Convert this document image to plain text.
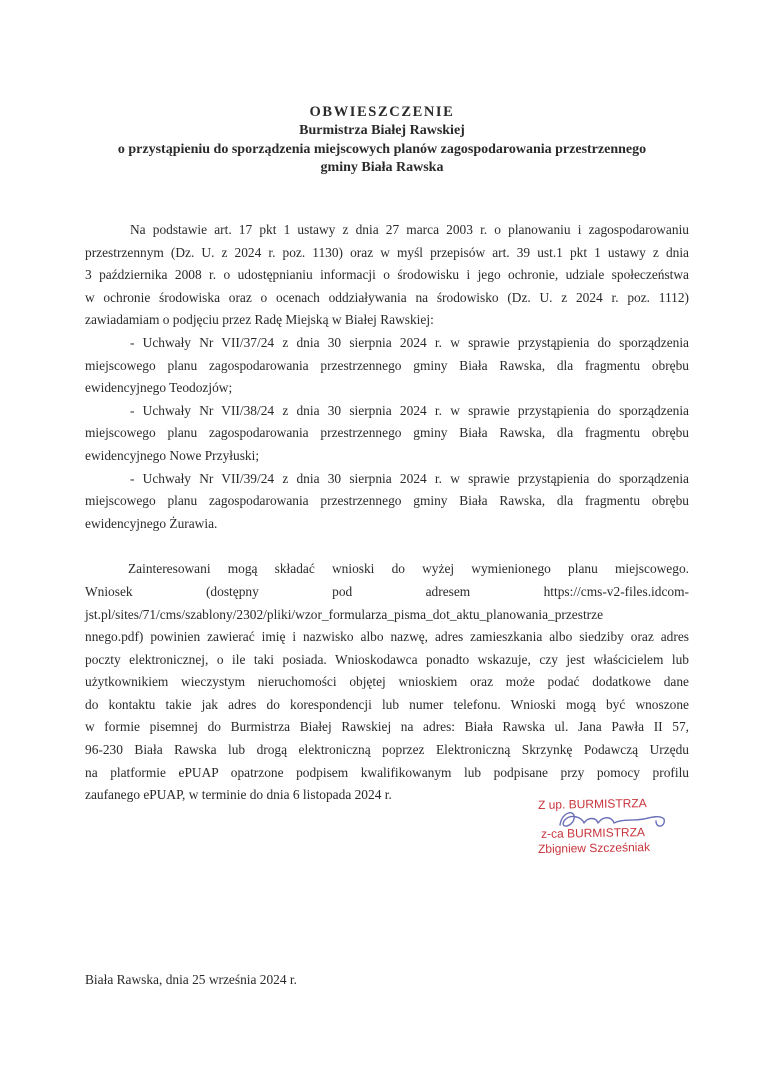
OBWIESZCZENIE
Burmistrza Białej Rawskiej
o przystąpieniu do sporządzenia miejscowych planów zagospodarowania przestrzennego
gminy Biała Rawska
Na podstawie art. 17 pkt 1 ustawy z dnia 27 marca 2003 r. o planowaniu i zagospodarowaniu
przestrzennym (Dz. U. z 2024 r. poz. 1130) oraz w myśl przepisów art. 39 ust.1 pkt 1 ustawy z dnia
3 października 2008 r. o udostępnianiu informacji o środowisku i jego ochronie, udziale społeczeństwa
w ochronie środowiska oraz o ocenach oddziaływania na środowisko (Dz. U. z 2024 r. poz. 1112)
zawiadamiam o podjęciu przez Radę Miejską w Białej Rawskiej:
- Uchwały Nr VII/37/24 z dnia 30 sierpnia 2024 r. w sprawie przystąpienia do sporządzenia
miejscowego planu zagospodarowania przestrzennego gminy Biała Rawska, dla fragmentu obrębu
ewidencyjnego Teodozjów;
- Uchwały Nr VII/38/24 z dnia 30 sierpnia 2024 r. w sprawie przystąpienia do sporządzenia
miejscowego planu zagospodarowania przestrzennego gminy Biała Rawska, dla fragmentu obrębu
ewidencyjnego Nowe Przyłuski;
- Uchwały Nr VII/39/24 z dnia 30 sierpnia 2024 r. w sprawie przystąpienia do sporządzenia
miejscowego planu zagospodarowania przestrzennego gminy Biała Rawska, dla fragmentu obrębu
ewidencyjnego Żurawia.
Zainteresowani mogą składać wnioski do wyżej wymienionego planu miejscowego.
Wniosek (dostępny pod adresem https://cms-v2-files.idcom-
jst.pl/sites/71/cms/szablony/2302/pliki/wzor_formularza_pisma_dot_aktu_planowania_przestrze
nnego.pdf) powinien zawierać imię i nazwisko albo nazwę, adres zamieszkania albo siedziby oraz adres
poczty elektronicznej, o ile taki posiada. Wnioskodawca ponadto wskazuje, czy jest właścicielem lub
użytkownikiem wieczystym nieruchomości objętej wnioskiem oraz może podać dodatkowe dane
do kontaktu takie jak adres do korespondencji lub numer telefonu. Wnioski mogą być wnoszone
w formie pisemnej do Burmistrza Białej Rawskiej na adres: Biała Rawska ul. Jana Pawła II 57,
96-230 Biała Rawska lub drogą elektroniczną poprzez Elektroniczną Skrzynkę Podawczą Urzędu
na platformie ePUAP opatrzone podpisem kwalifikowanym lub podpisane przy pomocy profilu
zaufanego ePUAP, w terminie do dnia 6 listopada 2024 r.
Z up. BURMISTRZA
z-ca BURMISTRZA
Zbigniew Szcześniak
Biała Rawska, dnia 25 września 2024 r.
